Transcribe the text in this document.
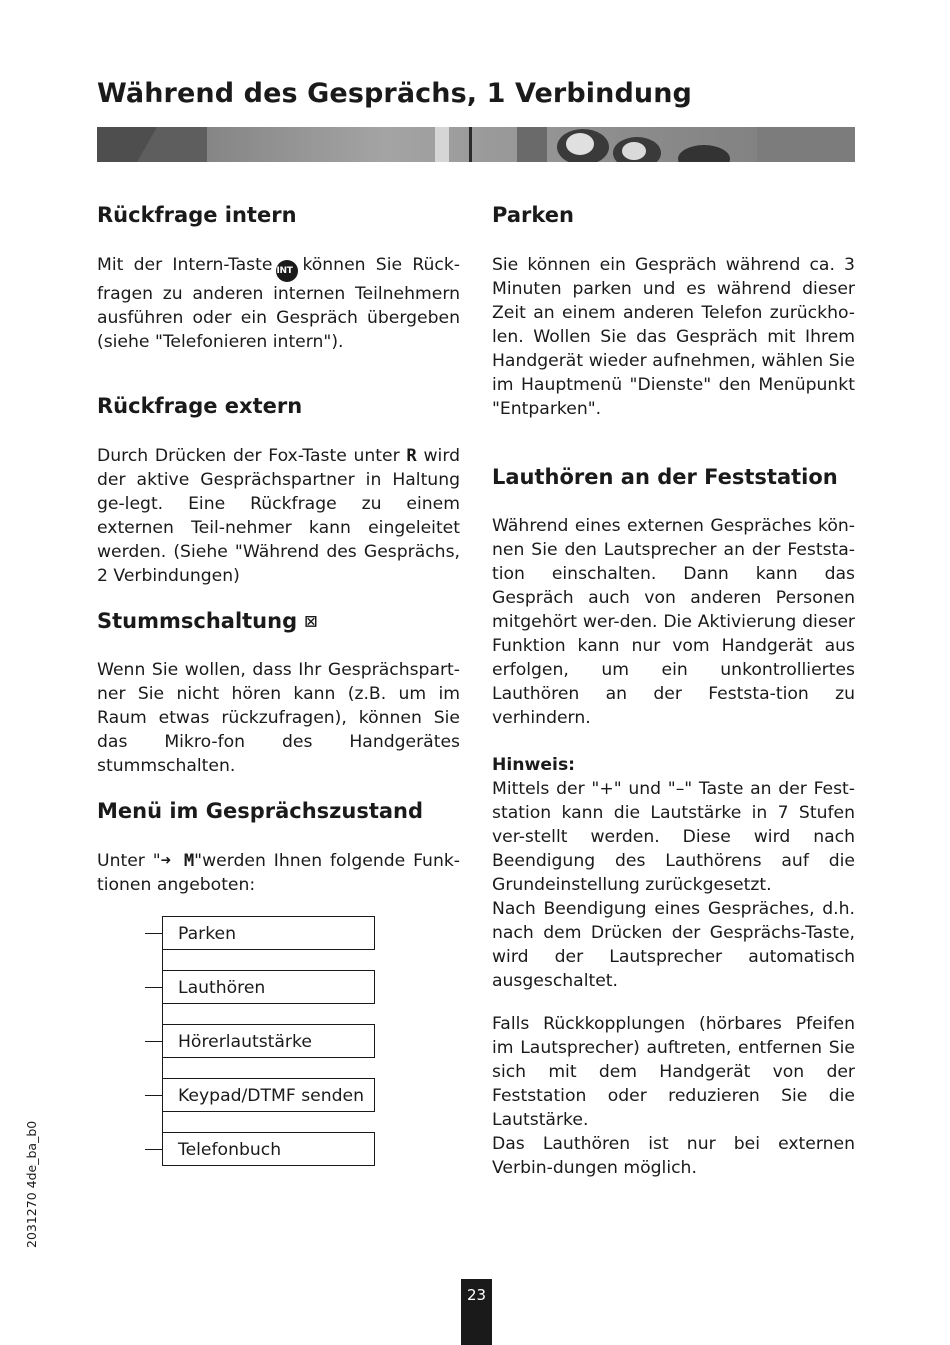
Während des Gesprächs, 1 Verbindung
Rückfrage intern

Mit der Intern-Taste INT können Sie Rück-fragen zu anderen internen Teilnehmern ausführen oder ein Gespräch übergeben (siehe "Telefonieren intern").

Rückfrage extern

Durch Drücken der Fox-Taste unter R wird der aktive Gesprächspartner in Haltung ge-legt. Eine Rückfrage zu einem externen Teil-nehmer kann eingeleitet werden. (Siehe "Während des Gesprächs, 2 Verbindungen)

Stummschaltung ⊠

Wenn Sie wollen, dass Ihr Gesprächspart-ner Sie nicht hören kann (z.B. um im Raum etwas rückzufragen), können Sie das Mikro-fon des Handgerätes stummschalten.

Menü im Gesprächszustand

Unter "➜ M"werden Ihnen folgende Funk-tionen angeboten:

Parken
Lauthören
Hörerlautstärke
Keypad/DTMF senden
Telefonbuch
Parken

Sie können ein Gespräch während ca. 3 Minuten parken und es während dieser Zeit an einem anderen Telefon zurückho-len. Wollen Sie das Gespräch mit Ihrem Handgerät wieder aufnehmen, wählen Sie im Hauptmenü "Dienste" den Menüpunkt "Entparken".

Lauthören an der Feststation

Während eines externen Gespräches kön-nen Sie den Lautsprecher an der Feststa-tion einschalten. Dann kann das Gespräch auch von anderen Personen mitgehört wer-den. Die Aktivierung dieser Funktion kann nur vom Handgerät aus erfolgen, um ein unkontrolliertes Lauthören an der Feststa-tion zu verhindern.

Hinweis:

Mittels der "+" und "–" Taste an der Fest-station kann die Lautstärke in 7 Stufen ver-stellt werden. Diese wird nach Beendigung des Lauthörens auf die Grundeinstellung zurückgesetzt.

Nach Beendigung eines Gespräches, d.h. nach dem Drücken der Gesprächs-Taste, wird der Lautsprecher automatisch ausgeschaltet.

Falls Rückkopplungen (hörbares Pfeifen im Lautsprecher) auftreten, entfernen Sie sich mit dem Handgerät von der Feststation oder reduzieren Sie die Lautstärke.

Das Lauthören ist nur bei externen Verbin-dungen möglich.

2031270 4de_ba_b0
23
